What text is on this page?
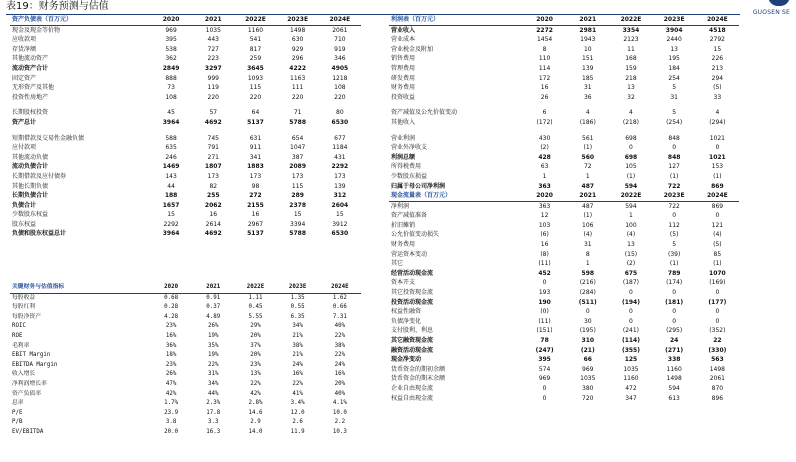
表19：财务预测与估值
GUOSEN SE
资产负债表（百万元）	2020	2021	2022E	2023E	2024E
现金及现金等价物	969	1035	1160	1498	2061
应收款项	395	443	541	630	710
存货净额	538	727	817	929	919
其他流动资产	362	223	259	296	346
流动资产合计	2849	3297	3645	4222	4905
固定资产	888	999	1093	1163	1218
无形资产及其他	73	119	115	111	108
投资性房地产	108	220	220	220	220

长期股权投资	45	57	64	71	80
资产总计	3964	4692	5137	5788	6530

短期借款及交易性金融负债	588	745	631	654	677
应付款项	635	791	911	1047	1184
其他流动负债	246	271	341	387	431
流动负债合计	1469	1807	1883	2089	2292
长期借款及应付债券	143	173	173	173	173
其他长期负债	44	82	98	115	139
长期负债合计	188	255	272	289	312
负债合计	1657	2062	2155	2378	2604
少数股东权益	15	16	16	15	15
股东权益	2292	2614	2967	3394	3912
负债和股东权益总计	3964	4692	5137	5788	6530
关键财务与估值指标	2020	2021	2022E	2023E	2024E
每股收益	0.68	0.91	1.11	1.35	1.62
每股红利	0.28	0.37	0.45	0.55	0.66
每股净资产	4.28	4.89	5.55	6.35	7.31
ROIC	23%	26%	29%	34%	40%
ROE	16%	19%	20%	21%	22%
毛利率	36%	35%	37%	38%	38%
EBIT Margin	18%	19%	20%	21%	22%
EBITDA Margin	23%	22%	23%	24%	24%
收入增长	26%	31%	13%	16%	16%
净利润增长率	47%	34%	22%	22%	20%
资产负债率	42%	44%	42%	41%	40%
息率	1.7%	2.3%	2.8%	3.4%	4.1%
P/E	23.9	17.8	14.6	12.0	10.0
P/B	3.8	3.3	2.9	2.6	2.2
EV/EBITDA	20.0	16.3	14.0	11.9	10.3
利润表（百万元）	2020	2021	2022E	2023E	2024E
营业收入	2272	2981	3354	3904	4518
营业成本	1454	1943	2123	2440	2792
营业税金及附加	8	10	11	13	15
销售费用	110	151	168	195	226
管理费用	114	139	159	184	213
研发费用	172	185	218	254	294
财务费用	16	31	13	5	(5)
投资收益	26	36	32	31	33

资产减值及公允价值变动	6	4	4	5	4
其他收入	(172)	(186)	(218)	(254)	(294)

营业利润	430	561	698	848	1021
营业外净收支	(2)	(1)	0	0	0
利润总额	428	560	698	848	1021
所得税费用	63	72	105	127	153
少数股东损益	1	1	(1)	(1)	(1)
归属于母公司净利润	363	487	594	722	869
现金流量表（百万元）	2020	2021	2022E	2023E	2024E
净利润	363	487	594	722	869
资产减值准备	12	(1)	1	0	0
折旧摊销	103	106	100	112	121
公允价值变动损失	(6)	(4)	(4)	(5)	(4)
财务费用	16	31	13	5	(5)
营运资本变动	(8)	8	(15)	(39)	85
其它	(11)	1	(2)	(1)	(1)
经营活动现金流	452	598	675	789	1070
资本开支	0	(216)	(187)	(174)	(169)
其它投资现金流	193	(284)	0	0	0
投资活动现金流	190	(511)	(194)	(181)	(177)
权益性融资	(0)	0	0	0	0
负债净变化	(11)	30	0	0	0
支付股利、利息	(151)	(195)	(241)	(295)	(352)
其它融资现金流	78	310	(114)	24	22
融资活动现金流	(247)	(21)	(355)	(271)	(330)
现金净变动	395	66	125	338	563
货币资金的期初余额	574	969	1035	1160	1498
货币资金的期末余额	969	1035	1160	1498	2061
企业自由现金流	0	380	472	594	870
权益自由现金流	0	720	347	613	896
